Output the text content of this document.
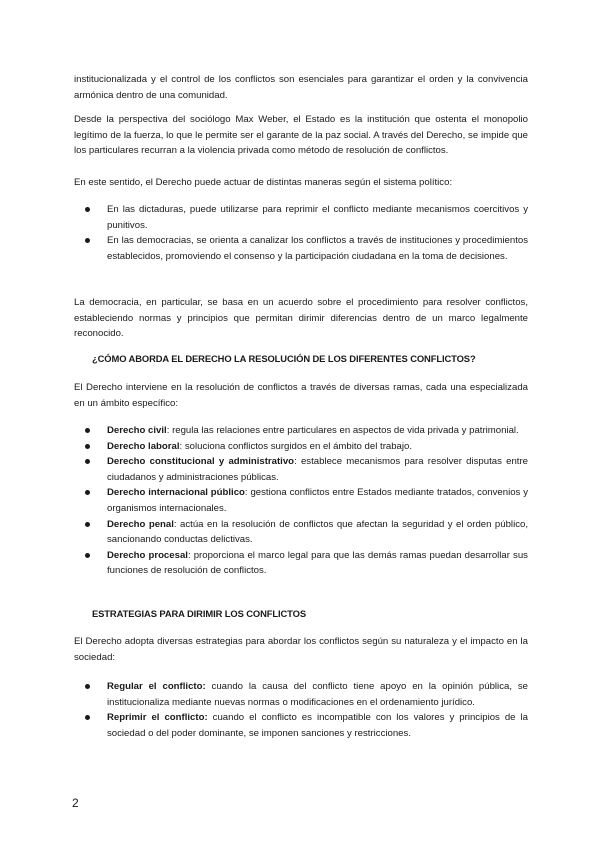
institucionalizada y el control de los conflictos son esenciales para garantizar el orden y la convivencia armónica dentro de una comunidad.

Desde la perspectiva del sociólogo Max Weber, el Estado es la institución que ostenta el monopolio legítimo de la fuerza, lo que le permite ser el garante de la paz social. A través del Derecho, se impide que los particulares recurran a la violencia privada como método de resolución de conflictos.

En este sentido, el Derecho puede actuar de distintas maneras según el sistema político:

En las dictaduras, puede utilizarse para reprimir el conflicto mediante mecanismos coercitivos y punitivos.
En las democracias, se orienta a canalizar los conflictos a través de instituciones y procedimientos establecidos, promoviendo el consenso y la participación ciudadana en la toma de decisiones.

La democracia, en particular, se basa en un acuerdo sobre el procedimiento para resolver conflictos, estableciendo normas y principios que permitan dirimir diferencias dentro de un marco legalmente reconocido.

¿CÓMO ABORDA EL DERECHO LA RESOLUCIÓN DE LOS DIFERENTES CONFLICTOS?

El Derecho interviene en la resolución de conflictos a través de diversas ramas, cada una especializada en un ámbito específico:

Derecho civil: regula las relaciones entre particulares en aspectos de vida privada y patrimonial.
Derecho laboral: soluciona conflictos surgidos en el ámbito del trabajo.
Derecho constitucional y administrativo: establece mecanismos para resolver disputas entre ciudadanos y administraciones públicas.
Derecho internacional público: gestiona conflictos entre Estados mediante tratados, convenios y organismos internacionales.
Derecho penal: actúa en la resolución de conflictos que afectan la seguridad y el orden público, sancionando conductas delictivas.
Derecho procesal: proporciona el marco legal para que las demás ramas puedan desarrollar sus funciones de resolución de conflictos.
ESTRATEGIAS PARA DIRIMIR LOS CONFLICTOS

El Derecho adopta diversas estrategias para abordar los conflictos según su naturaleza y el impacto en la sociedad:

Regular el conflicto: cuando la causa del conflicto tiene apoyo en la opinión pública, se institucionaliza mediante nuevas normas o modificaciones en el ordenamiento jurídico.
Reprimir el conflicto: cuando el conflicto es incompatible con los valores y principios de la sociedad o del poder dominante, se imponen sanciones y restricciones.
2
